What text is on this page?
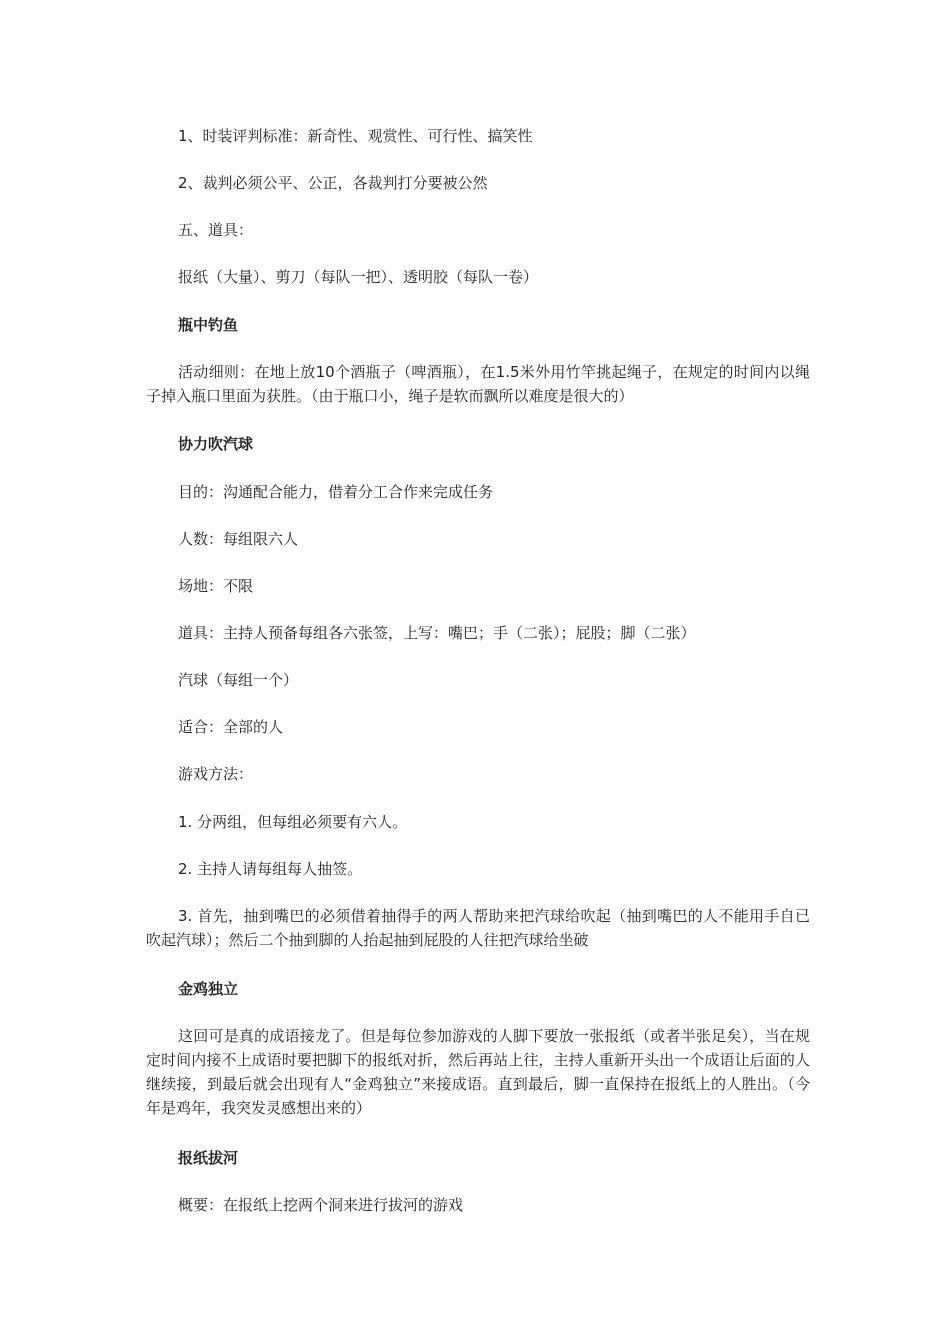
1、时装评判标准：新奇性、观赏性、可行性、搞笑性
2、裁判必须公平、公正，各裁判打分要被公然
五、道具：
报纸（大量）、剪刀（每队一把）、透明胶（每队一卷）
瓶中钓鱼
活动细则：在地上放10个酒瓶子（啤酒瓶），在1.5米外用竹竿挑起绳子，在规定的时间内以绳子掉入瓶口里面为获胜。（由于瓶口小，绳子是软而飘所以难度是很大的）
协力吹汽球
目的：沟通配合能力，借着分工合作来完成任务
人数：每组限六人
场地：不限
道具：主持人预备每组各六张签，上写：嘴巴；手（二张）；屁股；脚（二张）
汽球（每组一个）
适合：全部的人
游戏方法：
1. 分两组，但每组必须要有六人。
2. 主持人请每组每人抽签。
3. 首先，抽到嘴巴的必须借着抽得手的两人帮助来把汽球给吹起（抽到嘴巴的人不能用手自已吹起汽球）；然后二个抽到脚的人抬起抽到屁股的人往把汽球给坐破
金鸡独立
这回可是真的成语接龙了。但是每位参加游戏的人脚下要放一张报纸（或者半张足矣），当在规定时间内接不上成语时要把脚下的报纸对折，然后再站上往，主持人重新开头出一个成语让后面的人继续接，到最后就会出现有人“金鸡独立”来接成语。直到最后，脚一直保持在报纸上的人胜出。（今年是鸡年，我突发灵感想出来的）
报纸拔河
概要：在报纸上挖两个洞来进行拔河的游戏
